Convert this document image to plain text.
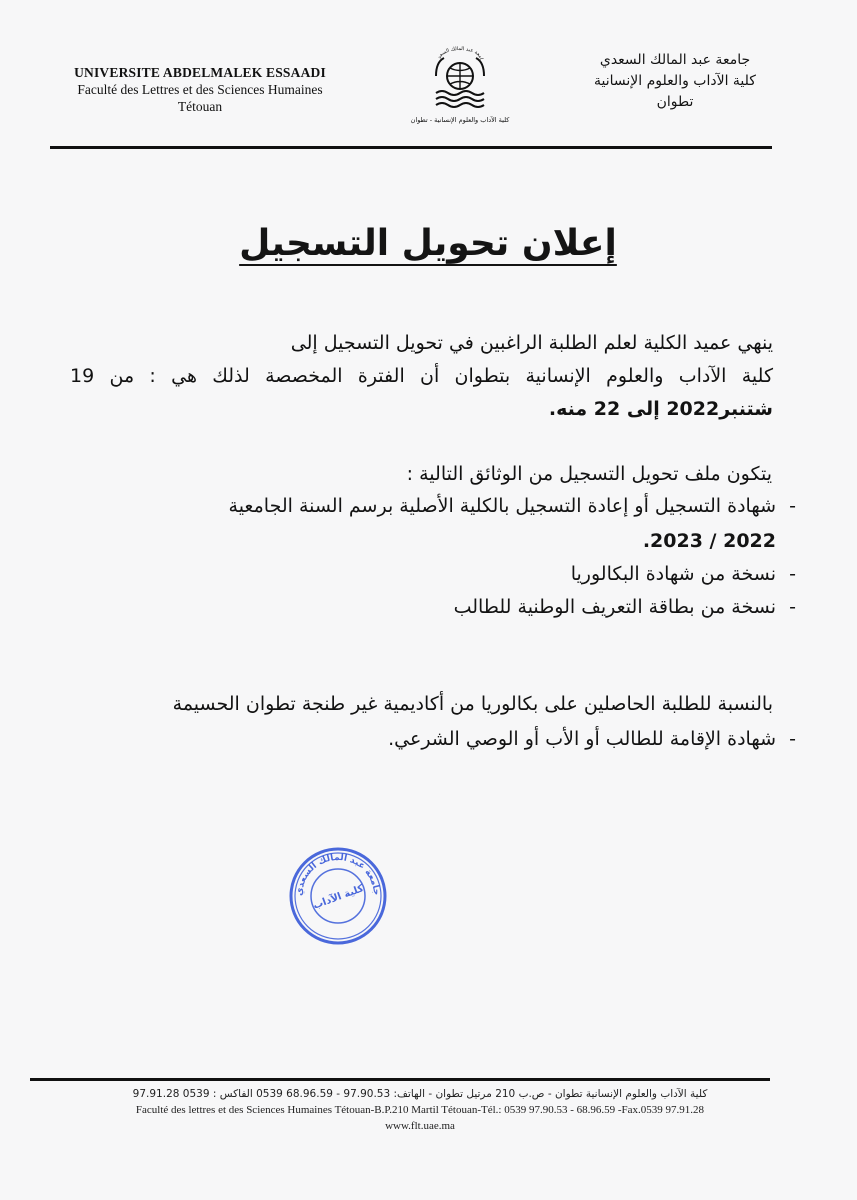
UNIVERSITE ABDELMALEK ESSAADI
Faculté des Lettres et des Sciences Humaines
Tétouan
امعة عبد المالك السعد
كلية الآداب والعلوم الإنسانية - تطوان
جامعة عبد المالك السعدي
كلية الآداب والعلوم الإنسانية
تطوان
إعلان تحويل التسجيل
ينهي عميد الكلية لعلم الطلبة الراغبين في تحويل التسجيل إلى
كلية الآداب والعلوم الإنسانية بتطوان أن الفترة المخصصة لذلك هي : من 19
شتنبر2022 إلى 22 منه.
يتكون ملف تحويل التسجيل من الوثائق التالية :
- شهادة التسجيل أو إعادة التسجيل بالكلية الأصلية برسم السنة الجامعية
2022 / 2023.
- نسخة من شهادة البكالوريا
- نسخة من بطاقة التعريف الوطنية للطالب
بالنسبة للطلبة الحاصلين على بكالوريا من أكاديمية غير طنجة تطوان الحسيمة
- شهادة الإقامة للطالب أو الأب أو الوصي الشرعي.
جامعة عبد المالك السعدي
كلية الآداب
كلية الآداب والعلوم الإنسانية تطوان - ص.ب 210 مرتيل تطوان - الهاتف: 97.90.53 - 68.96.59 0539 الفاكس : 0539 97.91.28
Faculté des lettres et des Sciences Humaines Tétouan-B.P.210 Martil Tétouan-Tél.: 0539 97.90.53 - 68.96.59 -Fax.0539 97.91.28
www.flt.uae.ma
